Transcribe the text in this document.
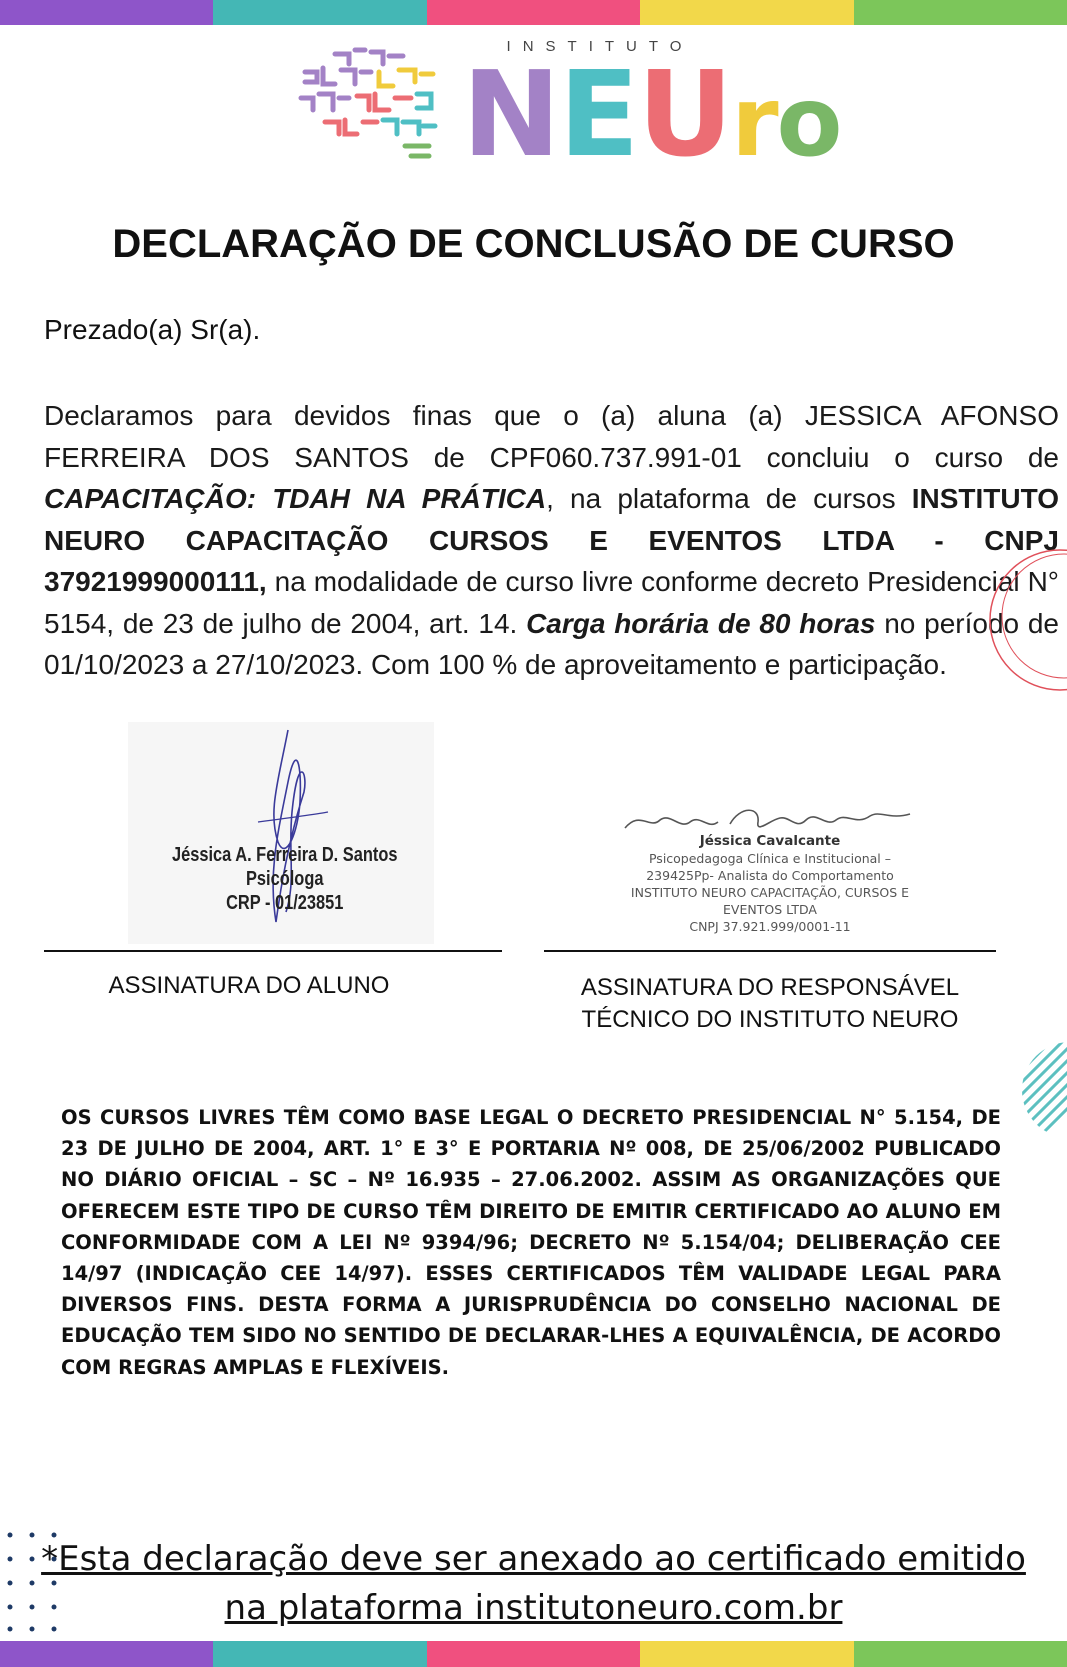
INSTITUTO
N E U r o
DECLARAÇÃO DE CONCLUSÃO DE CURSO
Prezado(a) Sr(a).
Declaramos para devidos finas que o (a) aluna (a) JESSICA AFONSO FERREIRA DOS SANTOS de CPF060.737.991-01 concluiu o curso de CAPACITAÇÃO: TDAH NA PRÁTICA, na plataforma de cursos INSTITUTO NEURO CAPACITAÇÃO CURSOS E EVENTOS LTDA - CNPJ 37921999000111, na modalidade de curso livre conforme decreto Presidencial N° 5154, de 23 de julho de 2004, art. 14. Carga horária de 80 horas no período de 01/10/2023 a 27/10/2023. Com 100 % de aproveitamento e participação.
Jéssica A. Ferreira D. Santos
Psicóloga
CRP - 01/23851
Jéssica Cavalcante
Psicopedagoga Clínica e Institucional –
239425Pp- Analista do Comportamento
INSTITUTO NEURO CAPACITAÇÃO, CURSOS E
EVENTOS LTDA
CNPJ 37.921.999/0001-11
ASSINATURA DO ALUNO	ASSINATURA DO RESPONSÁVEL
TÉCNICO DO INSTITUTO NEURO
OS CURSOS LIVRES TÊM COMO BASE LEGAL O DECRETO PRESIDENCIAL N° 5.154, DE 23 DE JULHO DE 2004, ART. 1° E 3° E PORTARIA Nº 008, DE 25/06/2002 PUBLICADO NO DIÁRIO OFICIAL – SC – Nº 16.935 – 27.06.2002. ASSIM AS ORGANIZAÇÕES QUE OFERECEM ESTE TIPO DE CURSO TÊM DIREITO DE EMITIR CERTIFICADO AO ALUNO EM CONFORMIDADE COM A LEI Nº 9394/96; DECRETO Nº 5.154/04; DELIBERAÇÃO CEE 14/97 (INDICAÇÃO CEE 14/97). ESSES CERTIFICADOS TÊM VALIDADE LEGAL PARA DIVERSOS FINS. DESTA FORMA A JURISPRUDÊNCIA DO CONSELHO NACIONAL DE EDUCAÇÃO TEM SIDO NO SENTIDO DE DECLARAR-LHES A EQUIVALÊNCIA, DE ACORDO COM REGRAS AMPLAS E FLEXÍVEIS.
*Esta declaração deve ser anexado ao certificado emitido
na plataforma institutoneuro.com.br
